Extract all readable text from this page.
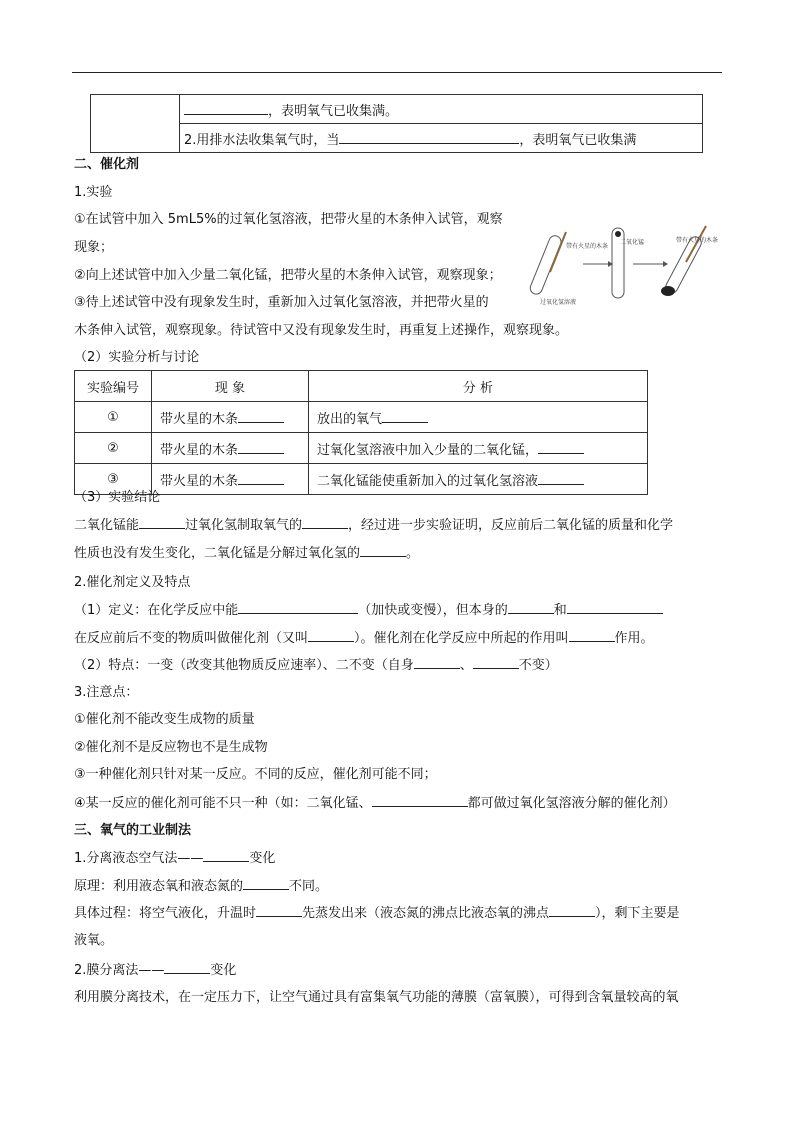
	，表明氧气已收集满。
2.用排水法收集氧气时，当	，表明氧气已收集满
二、催化剂
1.实验
①在试管中加入 5mL5%的过氧化氢溶液，把带火星的木条伸入试管，观察
现象；
②向上述试管中加入少量二氧化锰，把带火星的木条伸入试管，观察现象；
③待上述试管中没有现象发生时，重新加入过氧化氢溶液，并把带火星的
木条伸入试管，观察现象。待试管中又没有现象发生时，再重复上述操作，观察现象。
带有火星的木条
二氧化锰	带有火星的木条
过氧化氢溶液
（2）实验分析与讨论
实验编号	现 象	分 析
①	带火星的木条	放出的氧气
②	带火星的木条	过氧化氢溶液中加入少量的二氧化锰，
③	带火星的木条	二氧化锰能使重新加入的过氧化氢溶液
（3）实验结论
二氧化锰能	过氧化氢制取氧气的	，经过进一步实验证明，反应前后二氧化锰的质量和化学
性质也没有发生变化，二氧化锰是分解过氧化氢的	。
2.催化剂定义及特点
（1）定义：在化学反应中能	（加快或变慢），但本身的	和
在反应前后不变的物质叫做催化剂（又叫	）。催化剂在化学反应中所起的作用叫	作用。
（2）特点：一变（改变其他物质反应速率）、二不变（自身	、	不变）
3.注意点：
①催化剂不能改变生成物的质量
②催化剂不是反应物也不是生成物
③一种催化剂只针对某一反应。不同的反应，催化剂可能不同；
④某一反应的催化剂可能不只一种（如：二氧化锰、	都可做过氧化氢溶液分解的催化剂）
三、氧气的工业制法
1.分离液态空气法——	变化
原理：利用液态氧和液态氮的	不同。
具体过程：将空气液化，升温时	先蒸发出来（液态氮的沸点比液态氧的沸点	），剩下主要是
液氧。
2.膜分离法——	变化
利用膜分离技术，在一定压力下，让空气通过具有富集氧气功能的薄膜（富氧膜），可得到含氧量较高的氧
